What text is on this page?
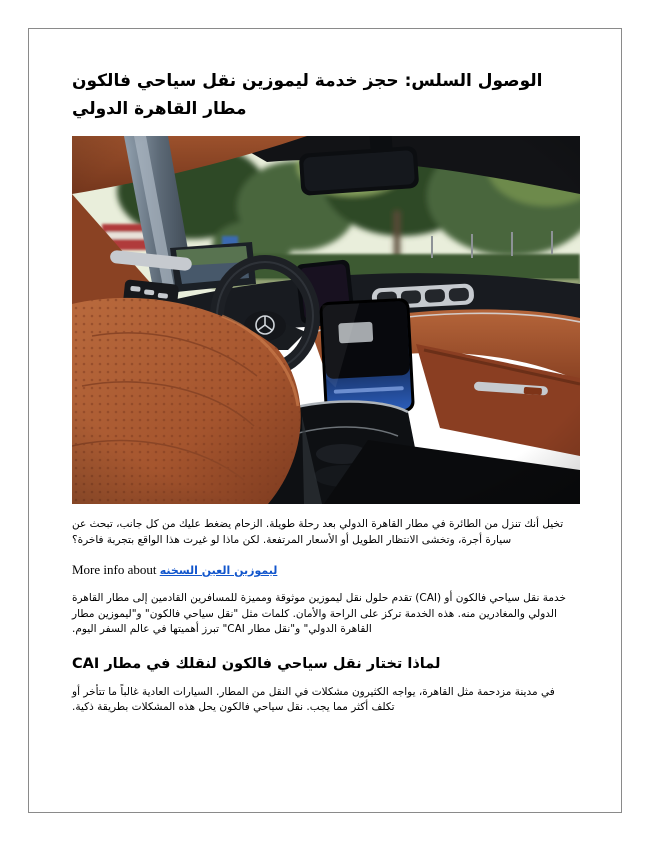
الوصول السلس: حجز خدمة ليموزين نقل سياحي فالكون مطار القاهرة الدولي

تخيل أنك تنزل من الطائرة في مطار القاهرة الدولي بعد رحلة طويلة. الزحام يضغط عليك من كل جانب، تبحث عن سيارة أجرة، وتخشى الانتظار الطويل أو الأسعار المرتفعة. لكن ماذا لو غيرت هذا الواقع بتجربة فاخرة؟

More info about ليموزين العين السخنه

خدمة نقل سياحي فالكون أو (CAI) تقدم حلول نقل ليموزين موثوقة ومميزة للمسافرين القادمين إلى مطار القاهرة الدولي والمغادرين منه. هذه الخدمة تركز على الراحة والأمان. كلمات مثل "نقل سياحي فالكون" و"ليموزين مطار القاهرة الدولي" و"نقل مطار CAI" تبرز أهميتها في عالم السفر اليوم.

لماذا تختار نقل سياحي فالكون لنقلك في مطار CAI

في مدينة مزدحمة مثل القاهرة، يواجه الكثيرون مشكلات في النقل من المطار. السيارات العادية غالباً ما تتأخر أو تكلف أكثر مما يجب. نقل سياحي فالكون يحل هذه المشكلات بطريقة ذكية.
